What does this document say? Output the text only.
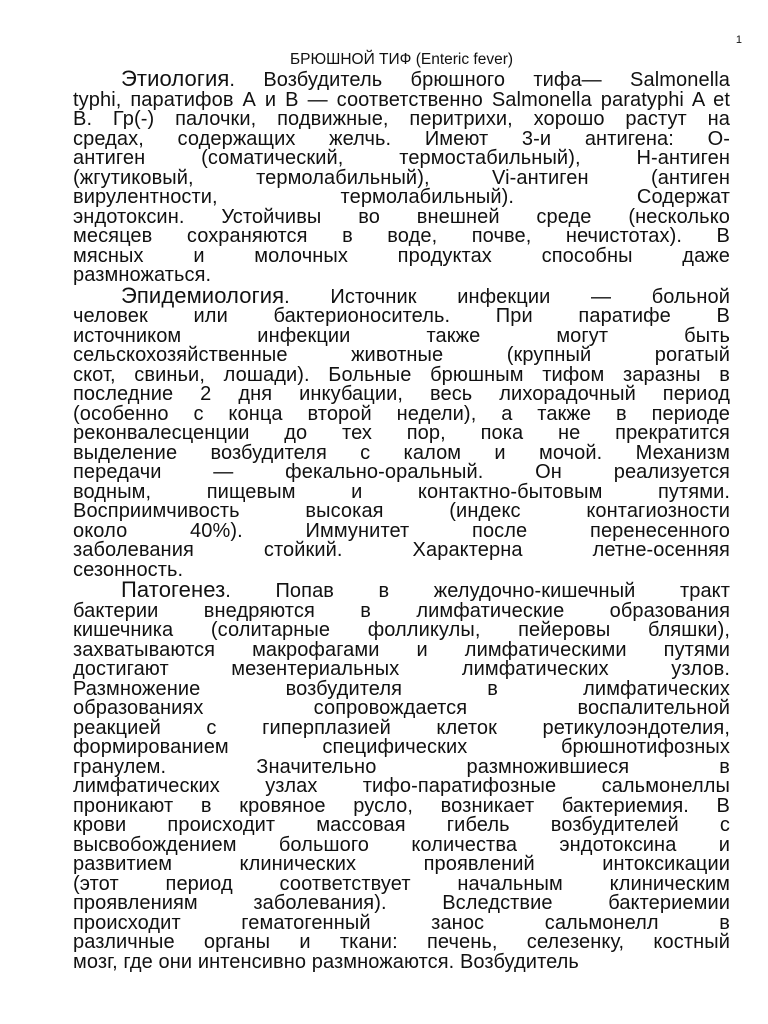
1
БРЮШНОЙ ТИФ (Enteric fever)
Этиология. Возбудитель брюшного тифа— Salmonella
typhi, паратифов А и В — соответственно Salmonella paratyphi A et
B. Гр(-) палочки, подвижные, перитрихи, хорошо растут на
средах, содержащих желчь. Имеют 3-и антигена: О-
антиген (соматический, термостабильный), Н-антиген
(жгутиковый, термолабильный), Vi-антиген (антиген
вирулентности, термолабильный). Содержат
эндотоксин. Устойчивы во внешней среде (несколько
месяцев сохраняются в воде, почве, нечистотах). В
мясных и молочных продуктах способны даже
размножаться.
Эпидемиология. Источник инфекции — больной
человек или бактерионоситель. При паратифе В
источником инфекции также могут быть
сельскохозяйственные животные (крупный рогатый
скот, свиньи, лошади). Больные брюшным тифом заразны в
последние 2 дня инкубации, весь лихорадочный период
(особенно с конца второй недели), а также в периоде
реконвалесценции до тех пор, пока не прекратится
выделение возбудителя с калом и мочой. Механизм
передачи — фекально-оральный. Он реализуется
водным, пищевым и контактно-бытовым путями.
Восприимчивость высокая (индекс контагиозности
около 40%). Иммунитет после перенесенного
заболевания стойкий. Характерна летне-осенняя
сезонность.
Патогенез. Попав в желудочно-кишечный тракт
бактерии внедряются в лимфатические образования
кишечника (солитарные фолликулы, пейеровы бляшки),
захватываются макрофагами и лимфатическими путями
достигают мезентериальных лимфатических узлов.
Размножение возбудителя в лимфатических
образованиях сопровождается воспалительной
реакцией с гиперплазией клеток ретикулоэндотелия,
формированием специфических брюшнотифозных
гранулем. Значительно размножившиеся в
лимфатических узлах тифо-паратифозные сальмонеллы
проникают в кровяное русло, возникает бактериемия. В
крови происходит массовая гибель возбудителей с
высвобождением большого количества эндотоксина и
развитием клинических проявлений интоксикации
(этот период соответствует начальным клиническим
проявлениям заболевания). Вследствие бактериемии
происходит гематогенный занос сальмонелл в
различные органы и ткани: печень, селезенку, костный
мозг, где они интенсивно размножаются. Возбудитель
